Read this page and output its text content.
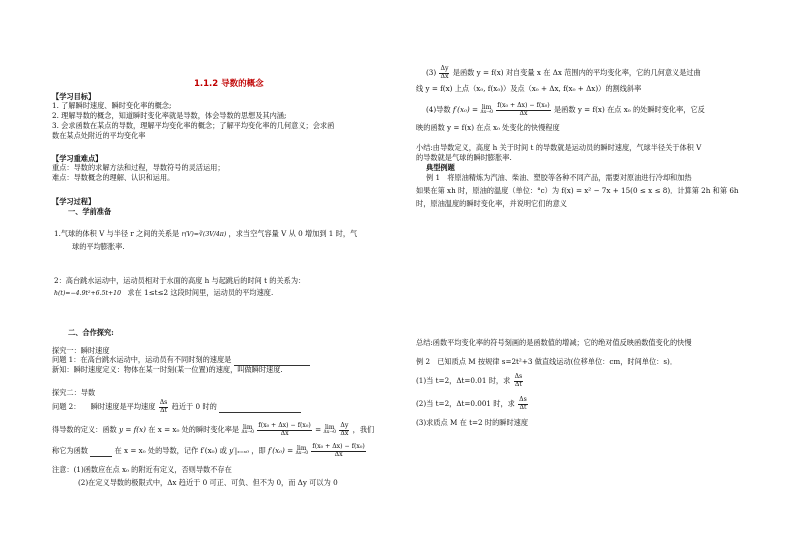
1.1.2 导数的概念
【学习目标】
1. 了解瞬时速度、瞬时变化率的概念;
2. 理解导数的概念，知道瞬时变化率就是导数，体会导数的思想及其内涵;
3. 会求函数在某点的导数，理解平均变化率的概念；了解平均变化率的几何意义；会求函
数在某点处附近的平均变化率
【学习重难点】
重点：导数的求解方法和过程，导数符号的灵活运用；
难点：导数概念的理解、认识和运用。
【学习过程】
一、学前准备
1.气球的体积 V 与半径 r 之间的关系是 r(V)=∛(3V/4π) ，求当空气容量 V 从 0 增加到 1 时，气
球的平均膨胀率.
2：高台跳水运动中，运动员相对于水面的高度 h 与起跳后的时间 t 的关系为：
h(t)=−4.9t²+6.5t+10 求在 1≤t≤2 这段时间里，运动员的平均速度.
二、合作探究:
探究一：瞬时速度
问题 1：在高台跳水运动中，运动员有不同时刻的速度是
新知：瞬时速度定义：物体在某一时刻(某一位置)的速度，叫做瞬时速度.
探究二：导数
问题 2： 瞬时速度是平均速度 $\frac{\Delta s}{\Delta t}$ 趋近于 0 时的
得导数的定义：函数 y = f(x) 在 x = x₀ 处的瞬时变化率是 lim
Δx→0
$\frac{\text{f(x₀ + Δx) − f(x₀)}}{\Delta x} = \lim$
Δx→0
$\frac{\Delta y}{\Delta x}$ ，我们
称它为函数	在 x = x₀ 处的导数，记作 f′(x₀) 或 y′|ₓ₌ₓ₀ ，即 f′(x₀) = lim
Δx→0
$\frac{\text{f(x₀ + Δx) − f(x₀)}}{\Delta x}$
注意：(1)函数应在点 x₀ 的附近有定义，否则导数不存在
(2)在定义导数的极限式中，Δx 趋近于 0 可正、可负、但不为 0，而 Δy 可以为 0
$(3) \frac{\Delta y}{\Delta x}$ 是函数 y = f(x) 对自变量 x 在 Δx 范围内的平均变化率，它的几何意义是过曲
线 y = f(x) 上点（x₀, f(x₀)）及点（x₀ + Δx, f(x₀ + Δx)）的割线斜率
(4)导数 f′(x₀) = lim
Δx→0
$\frac{\text{f(x₀ + Δx) − f(x₀)}}{\Delta x}$ 是函数 y = f(x) 在点 x₀ 的处瞬时变化率，它反
映的函数 y = f(x) 在点 x₀ 处变化的快慢程度
小结:由导数定义，高度 h 关于时间 t 的导数就是运动员的瞬时速度，气球半径关于体积 V
的导数就是气球的瞬时膨胀率.
典型例题
例 1　将原油精炼为汽油、柴油、塑胶等各种不同产品，需要对原油进行冷却和加热
如果在第 xh 时，原油的温度（单位：°c）为 f(x) = x² − 7x + 15(0 ≤ x ≤ 8)．计算第 2h 和第 6h
时，原油温度的瞬时变化率，并说明它们的意义
总结:函数平均变化率的符号刻画的是函数值的增减；它的绝对值反映函数值变化的快慢
例 2　已知质点 M 按规律 s=2t²+3 做直线运动(位移单位：cm，时间单位：s)．
(1)当 t=2，Δt=0.01 时，求 $\frac{\Delta s}{\Delta t}$
(2)当 t=2，Δt=0.001 时，求 $\frac{\Delta s}{\Delta t}$
(3)求质点 M 在 t=2 时的瞬时速度
